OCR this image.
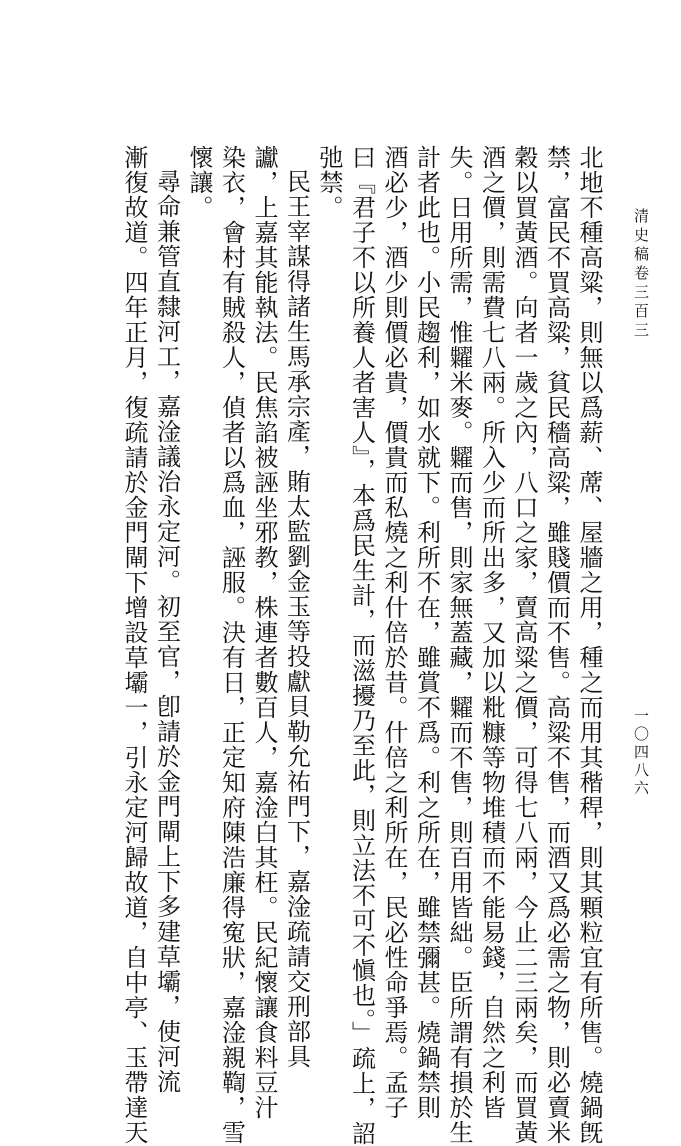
清史稿卷三百三
一〇四八六
北地不種高粱，則無以爲薪、蓆、屋牆之用，種之而用其稭稈，則其顆粒宜有所售。燒鍋旣
禁，富民不買高粱，貧民穡高粱，雖賤價而不售。高粱不售，而酒又爲必需之物，則必賣米
穀以買黃酒。向者一歲之內，八口之家，賣高粱之價，可得七八兩，今止二三兩矣，而買黃
酒之價，則需費七八兩。所入少而所出多，又加以粃糠等物堆積而不能易錢，自然之利皆
失。日用所需，惟糶米麥。糶而售，則家無蓋藏，糶而不售，則百用皆絀。臣所謂有損於生
計者此也。小民趨利，如水就下。利所不在，雖賞不爲。利之所在，雖禁彌甚。燒鍋禁則
酒必少，酒少則價必貴，價貴而私燒之利什倍於昔。什倍之利所在，民必性命爭焉。孟子
曰『君子不以所養人者害人』，本爲民生計，而滋擾乃至此，則立法不可不愼也。」疏上，詔
弛禁。
民王宰謀得諸生馬承宗產，賄太監劉金玉等投獻貝勒允祐門下，嘉淦疏請交刑部具
讞，上嘉其能執法。民焦諂被誣坐邪教，株連者數百人，嘉淦白其枉。民紀懷讓食料豆汁
染衣，會村有賊殺人，偵者以爲血，誣服。決有日，正定知府陳浩廉得寃狀，嘉淦親鞫，雪
懷讓。
尋命兼管直隸河工，嘉淦議治永定河。初至官，卽請於金門閘上下多建草壩，使河流
漸復故道。四年正月，復疏請於金門閘下增設草壩一，引永定河歸故道，自中亭、玉帶達天
